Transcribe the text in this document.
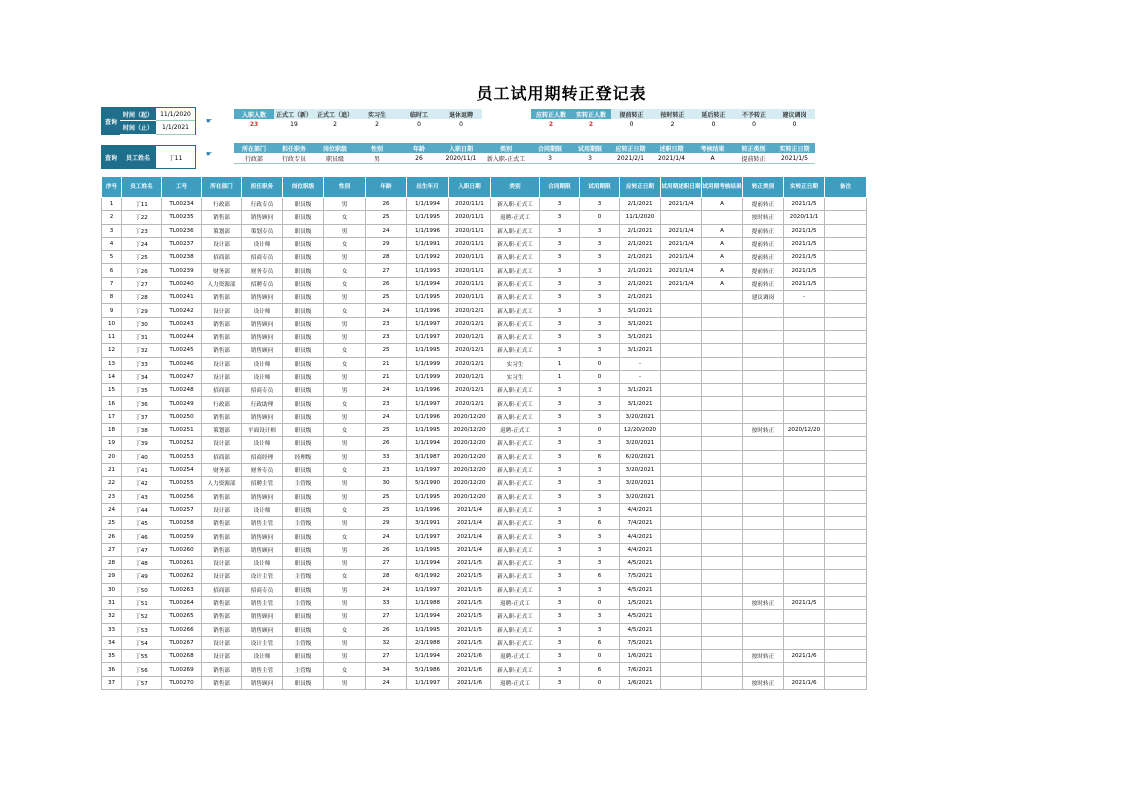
员工试用期转正登记表
查询
时间（起）	11/1/2020
时间（止）	1/1/2021
☛
入职人数	正式工（新）	正式工（追）	实习生	临时工	退休返聘
23	19	2	2	0	0
应转正人数	实转正人数	提前转正	按时转正	延后转正	不予转正	建议调岗
2	2	0	2	0	0	0
查询	员工姓名	丁11	☛
所在部门	担任职务	岗位职级	性别	年龄	入职日期	类别	合同期限	试用期限	应转正日期	述职日期	考核结果	转正类别	实转正日期
行政部	行政专员	职员级	男	26	2020/11/1	新入职-正式工	3	3	2021/2/1	2021/1/4	A	提前转正	2021/1/5
序号	员工姓名	工号	所在部门	担任职务	岗位职级	性别	年龄	出生年月	入职日期	类别	合同期限	试用期限	应转正日期	试用期述职日期	试用期考核结果	转正类别	实转正日期	备注
1	丁11	TL00234	行政部	行政专员	职员级	男	26	1/1/1994	2020/11/1	新入职-正式工	3	3	2/1/2021	2021/1/4	A	提前转正	2021/1/5	
2	丁22	TL00235	销售部	销售顾问	职员级	女	25	1/1/1995	2020/11/1	返聘-正式工	3	0	11/1/2020			按时转正	2020/11/1	
3	丁23	TL00236	策划部	策划专员	职员级	男	24	1/1/1996	2020/11/1	新入职-正式工	3	3	2/1/2021	2021/1/4	A	提前转正	2021/1/5	
4	丁24	TL00237	设计部	设计师	职员级	女	29	1/1/1991	2020/11/1	新入职-正式工	3	3	2/1/2021	2021/1/4	A	提前转正	2021/1/5	
5	丁25	TL00238	招商部	招商专员	职员级	男	28	1/1/1992	2020/11/1	新入职-正式工	3	3	2/1/2021	2021/1/4	A	提前转正	2021/1/5	
6	丁26	TL00239	财务部	财务专员	职员级	女	27	1/1/1993	2020/11/1	新入职-正式工	3	3	2/1/2021	2021/1/4	A	提前转正	2021/1/5	
7	丁27	TL00240	人力资源部	招聘专员	职员级	女	26	1/1/1994	2020/11/1	新入职-正式工	3	3	2/1/2021	2021/1/4	A	提前转正	2021/1/5	
8	丁28	TL00241	销售部	销售顾问	职员级	男	25	1/1/1995	2020/11/1	新入职-正式工	3	3	2/1/2021			建议调岗	-	
9	丁29	TL00242	设计部	设计师	职员级	女	24	1/1/1996	2020/12/1	新入职-正式工	3	3	3/1/2021					
10	丁30	TL00243	销售部	销售顾问	职员级	男	23	1/1/1997	2020/12/1	新入职-正式工	3	3	3/1/2021					
11	丁31	TL00244	销售部	销售顾问	职员级	男	23	1/1/1997	2020/12/1	新入职-正式工	3	3	3/1/2021					
12	丁32	TL00245	销售部	销售顾问	职员级	女	25	1/1/1995	2020/12/1	新入职-正式工	3	3	3/1/2021					
13	丁33	TL00246	设计部	设计师	职员级	女	21	1/1/1999	2020/12/1	实习生	1	0	-					
14	丁34	TL00247	设计部	设计师	职员级	男	21	1/1/1999	2020/12/1	实习生	1	0	-					
15	丁35	TL00248	招商部	招商专员	职员级	男	24	1/1/1996	2020/12/1	新入职-正式工	3	3	3/1/2021					
16	丁36	TL00249	行政部	行政助理	职员级	女	23	1/1/1997	2020/12/1	新入职-正式工	3	3	3/1/2021					
17	丁37	TL00250	销售部	销售顾问	职员级	男	24	1/1/1996	2020/12/20	新入职-正式工	3	3	3/20/2021					
18	丁38	TL00251	策划部	平面设计师	职员级	女	25	1/1/1995	2020/12/20	返聘-正式工	3	0	12/20/2020			按时转正	2020/12/20	
19	丁39	TL00252	设计部	设计师	职员级	男	26	1/1/1994	2020/12/20	新入职-正式工	3	3	3/20/2021					
20	丁40	TL00253	招商部	招商经理	经理级	男	33	3/1/1987	2020/12/20	新入职-正式工	3	6	6/20/2021					
21	丁41	TL00254	财务部	财务专员	职员级	女	23	1/1/1997	2020/12/20	新入职-正式工	3	3	3/20/2021					
22	丁42	TL00255	人力资源部	招聘主管	主管级	男	30	5/1/1990	2020/12/20	新入职-正式工	3	3	3/20/2021					
23	丁43	TL00256	销售部	销售顾问	职员级	男	25	1/1/1995	2020/12/20	新入职-正式工	3	3	3/20/2021					
24	丁44	TL00257	设计部	设计师	职员级	女	25	1/1/1996	2021/1/4	新入职-正式工	3	3	4/4/2021					
25	丁45	TL00258	销售部	销售主管	主管级	男	29	3/1/1991	2021/1/4	新入职-正式工	3	6	7/4/2021					
26	丁46	TL00259	销售部	销售顾问	职员级	女	24	1/1/1997	2021/1/4	新入职-正式工	3	3	4/4/2021					
27	丁47	TL00260	销售部	销售顾问	职员级	男	26	1/1/1995	2021/1/4	新入职-正式工	3	3	4/4/2021					
28	丁48	TL00261	设计部	设计师	职员级	男	27	1/1/1994	2021/1/5	新入职-正式工	3	3	4/5/2021					
29	丁49	TL00262	设计部	设计主管	主管级	女	28	6/1/1992	2021/1/5	新入职-正式工	3	6	7/5/2021					
30	丁50	TL00263	招商部	招商专员	职员级	男	24	1/1/1997	2021/1/5	新入职-正式工	3	3	4/5/2021					
31	丁51	TL00264	销售部	销售主管	主管级	男	33	1/1/1988	2021/1/5	返聘-正式工	3	0	1/5/2021			按时转正	2021/1/5	
32	丁52	TL00265	销售部	销售顾问	职员级	男	27	1/1/1994	2021/1/5	新入职-正式工	3	3	4/5/2021					
33	丁53	TL00266	销售部	销售顾问	职员级	女	26	1/1/1995	2021/1/5	新入职-正式工	3	3	4/5/2021					
34	丁54	TL00267	设计部	设计主管	主管级	男	32	2/1/1988	2021/1/5	新入职-正式工	3	6	7/5/2021					
35	丁55	TL00268	设计部	设计师	职员级	男	27	1/1/1994	2021/1/6	返聘-正式工	3	0	1/6/2021			按时转正	2021/1/6	
36	丁56	TL00269	销售部	销售主管	主管级	女	34	5/1/1986	2021/1/6	新入职-正式工	3	6	7/6/2021					
37	丁57	TL00270	销售部	销售顾问	职员级	男	24	1/1/1997	2021/1/6	返聘-正式工	3	0	1/6/2021			按时转正	2021/1/6	
